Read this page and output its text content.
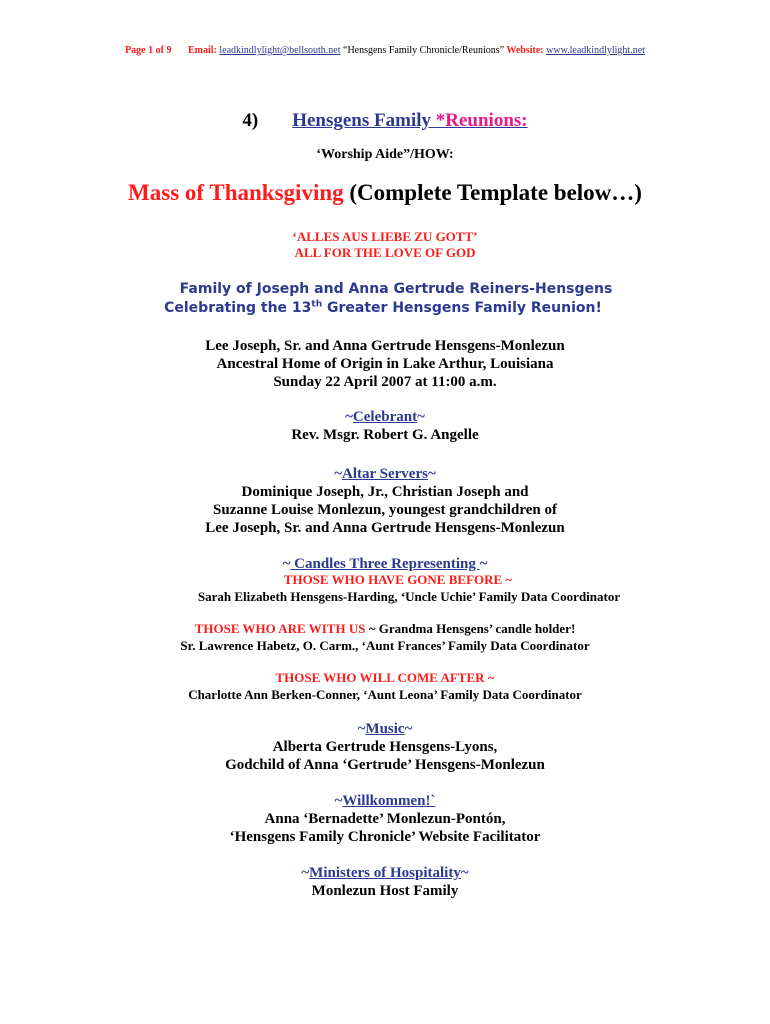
Page 1 of 9 Email: leadkindlylight@bellsouth.net “Hensgens Family Chronicle/Reunions” Website: www.leadkindlylight.net
4) Hensgens Family *Reunions:
‘Worship Aide”/HOW:
Mass of Thanksgiving (Complete Template below…)
‘ALLES AUS LIEBE ZU GOTT’
ALL FOR THE LOVE OF GOD
Family of Joseph and Anna Gertrude Reiners-Hensgens
Celebrating the 13th Greater Hensgens Family Reunion!
Lee Joseph, Sr. and Anna Gertrude Hensgens-Monlezun
Ancestral Home of Origin in Lake Arthur, Louisiana
Sunday 22 April 2007 at 11:00 a.m.
~Celebrant~
Rev. Msgr. Robert G. Angelle
~Altar Servers~
Dominique Joseph, Jr., Christian Joseph and
Suzanne Louise Monlezun, youngest grandchildren of
Lee Joseph, Sr. and Anna Gertrude Hensgens-Monlezun
~ Candles Three Representing ~
THOSE WHO HAVE GONE BEFORE ~
Sarah Elizabeth Hensgens-Harding, ‘Uncle Uchie’ Family Data Coordinator
THOSE WHO ARE WITH US ~ Grandma Hensgens’ candle holder!
Sr. Lawrence Habetz, O. Carm., ‘Aunt Frances’ Family Data Coordinator
THOSE WHO WILL COME AFTER ~
Charlotte Ann Berken-Conner, ‘Aunt Leona’ Family Data Coordinator
~Music~
Alberta Gertrude Hensgens-Lyons,
Godchild of Anna ‘Gertrude’ Hensgens-Monlezun
~Willkommen!`
Anna ‘Bernadette’ Monlezun-Pontón,
‘Hensgens Family Chronicle’ Website Facilitator
~Ministers of Hospitality~
Monlezun Host Family
